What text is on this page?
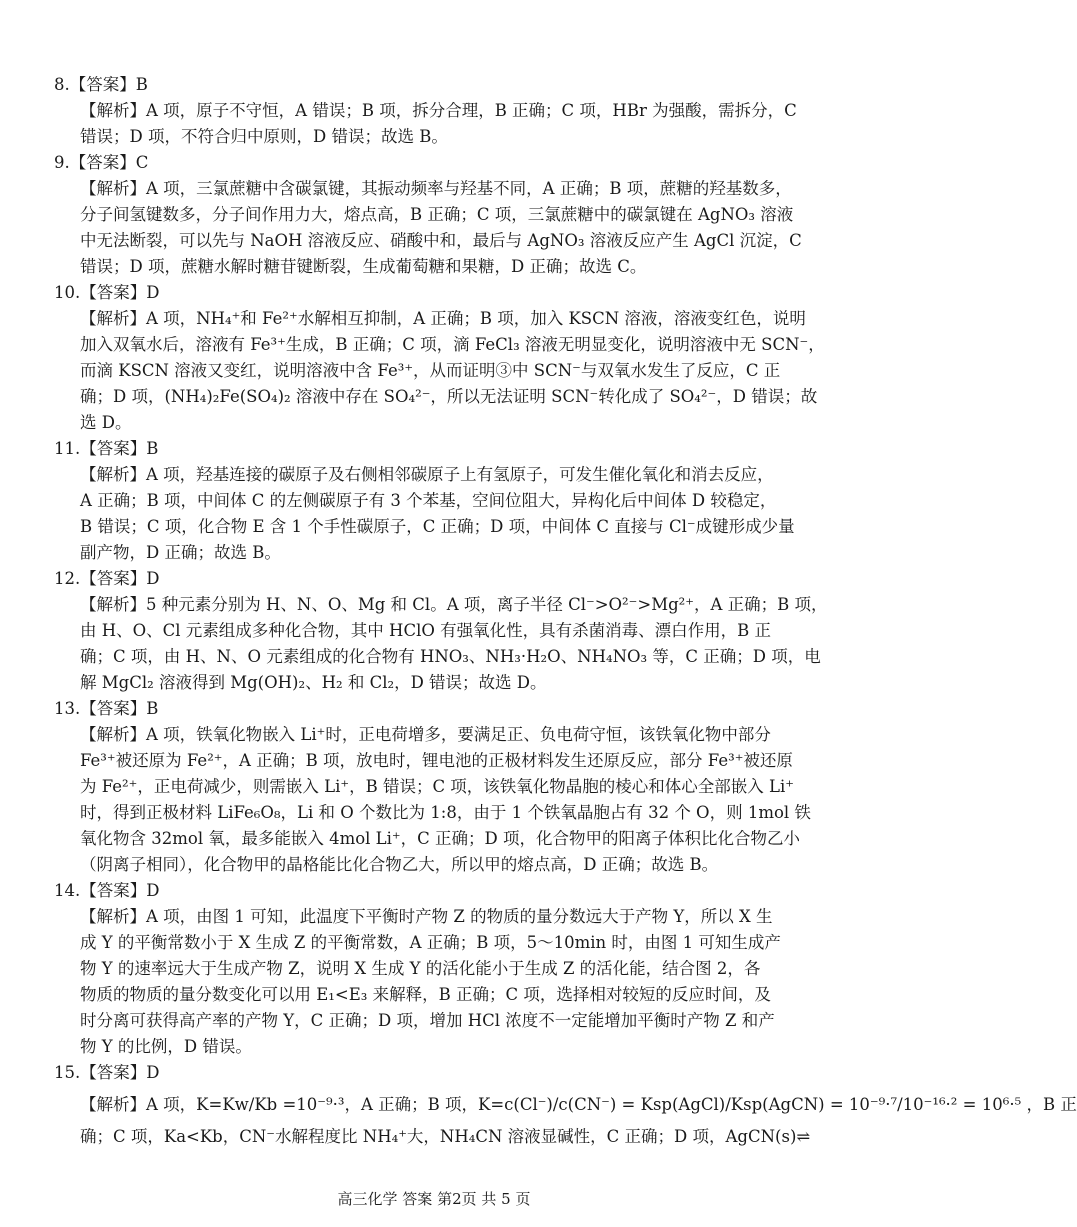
8.【答案】B
【解析】A 项，原子不守恒，A 错误；B 项，拆分合理，B 正确；C 项，HBr 为强酸，需拆分，C
错误；D 项，不符合归中原则，D 错误；故选 B。
9.【答案】C
【解析】A 项，三氯蔗糖中含碳氯键，其振动频率与羟基不同，A 正确；B 项，蔗糖的羟基数多，
分子间氢键数多，分子间作用力大，熔点高，B 正确；C 项，三氯蔗糖中的碳氯键在 AgNO₃ 溶液
中无法断裂，可以先与 NaOH 溶液反应、硝酸中和，最后与 AgNO₃ 溶液反应产生 AgCl 沉淀，C
错误；D 项，蔗糖水解时糖苷键断裂，生成葡萄糖和果糖，D 正确；故选 C。
10.【答案】D
【解析】A 项，NH₄⁺和 Fe²⁺水解相互抑制，A 正确；B 项，加入 KSCN 溶液，溶液变红色，说明
加入双氧水后，溶液有 Fe³⁺生成，B 正确；C 项，滴 FeCl₃ 溶液无明显变化，说明溶液中无 SCN⁻，
而滴 KSCN 溶液又变红，说明溶液中含 Fe³⁺，从而证明③中 SCN⁻与双氧水发生了反应，C 正
确；D 项，(NH₄)₂Fe(SO₄)₂ 溶液中存在 SO₄²⁻，所以无法证明 SCN⁻转化成了 SO₄²⁻，D 错误；故
选 D。
11.【答案】B
【解析】A 项，羟基连接的碳原子及右侧相邻碳原子上有氢原子，可发生催化氧化和消去反应，
A 正确；B 项，中间体 C 的左侧碳原子有 3 个苯基，空间位阻大，异构化后中间体 D 较稳定，
B 错误；C 项，化合物 E 含 1 个手性碳原子，C 正确；D 项，中间体 C 直接与 Cl⁻成键形成少量
副产物，D 正确；故选 B。
12.【答案】D
【解析】5 种元素分别为 H、N、O、Mg 和 Cl。A 项，离子半径 Cl⁻>O²⁻>Mg²⁺，A 正确；B 项，
由 H、O、Cl 元素组成多种化合物，其中 HClO 有强氧化性，具有杀菌消毒、漂白作用，B 正
确；C 项，由 H、N、O 元素组成的化合物有 HNO₃、NH₃·H₂O、NH₄NO₃ 等，C 正确；D 项，电
解 MgCl₂ 溶液得到 Mg(OH)₂、H₂ 和 Cl₂，D 错误；故选 D。
13.【答案】B
【解析】A 项，铁氧化物嵌入 Li⁺时，正电荷增多，要满足正、负电荷守恒，该铁氧化物中部分
Fe³⁺被还原为 Fe²⁺，A 正确；B 项，放电时，锂电池的正极材料发生还原反应，部分 Fe³⁺被还原
为 Fe²⁺，正电荷减少，则需嵌入 Li⁺，B 错误；C 项，该铁氧化物晶胞的棱心和体心全部嵌入 Li⁺
时，得到正极材料 LiFe₆O₈，Li 和 O 个数比为 1:8，由于 1 个铁氧晶胞占有 32 个 O，则 1mol 铁
氧化物含 32mol 氧，最多能嵌入 4mol Li⁺，C 正确；D 项，化合物甲的阳离子体积比化合物乙小
（阴离子相同），化合物甲的晶格能比化合物乙大，所以甲的熔点高，D 正确；故选 B。
14.【答案】D
【解析】A 项，由图 1 可知，此温度下平衡时产物 Z 的物质的量分数远大于产物 Y，所以 X 生
成 Y 的平衡常数小于 X 生成 Z 的平衡常数，A 正确；B 项，5～10min 时，由图 1 可知生成产
物 Y 的速率远大于生成产物 Z，说明 X 生成 Y 的活化能小于生成 Z 的活化能，结合图 2，各
物质的物质的量分数变化可以用 E₁<E₃ 来解释，B 正确；C 项，选择相对较短的反应时间，及
时分离可获得高产率的产物 Y，C 正确；D 项，增加 HCl 浓度不一定能增加平衡时产物 Z 和产
物 Y 的比例，D 错误。
15.【答案】D
【解析】A 项，K=Kw/Kb =10⁻⁹·³，A 正确；B 项，K=c(Cl⁻)/c(CN⁻) = Ksp(AgCl)/Ksp(AgCN) = 10⁻⁹·⁷/10⁻¹⁶·² = 10⁶·⁵ ，B 正
确；C 项，Ka<Kb，CN⁻水解程度比 NH₄⁺大，NH₄CN 溶液显碱性，C 正确；D 项，AgCN(s)⇌
高三化学 答案 第2页 共 5 页
